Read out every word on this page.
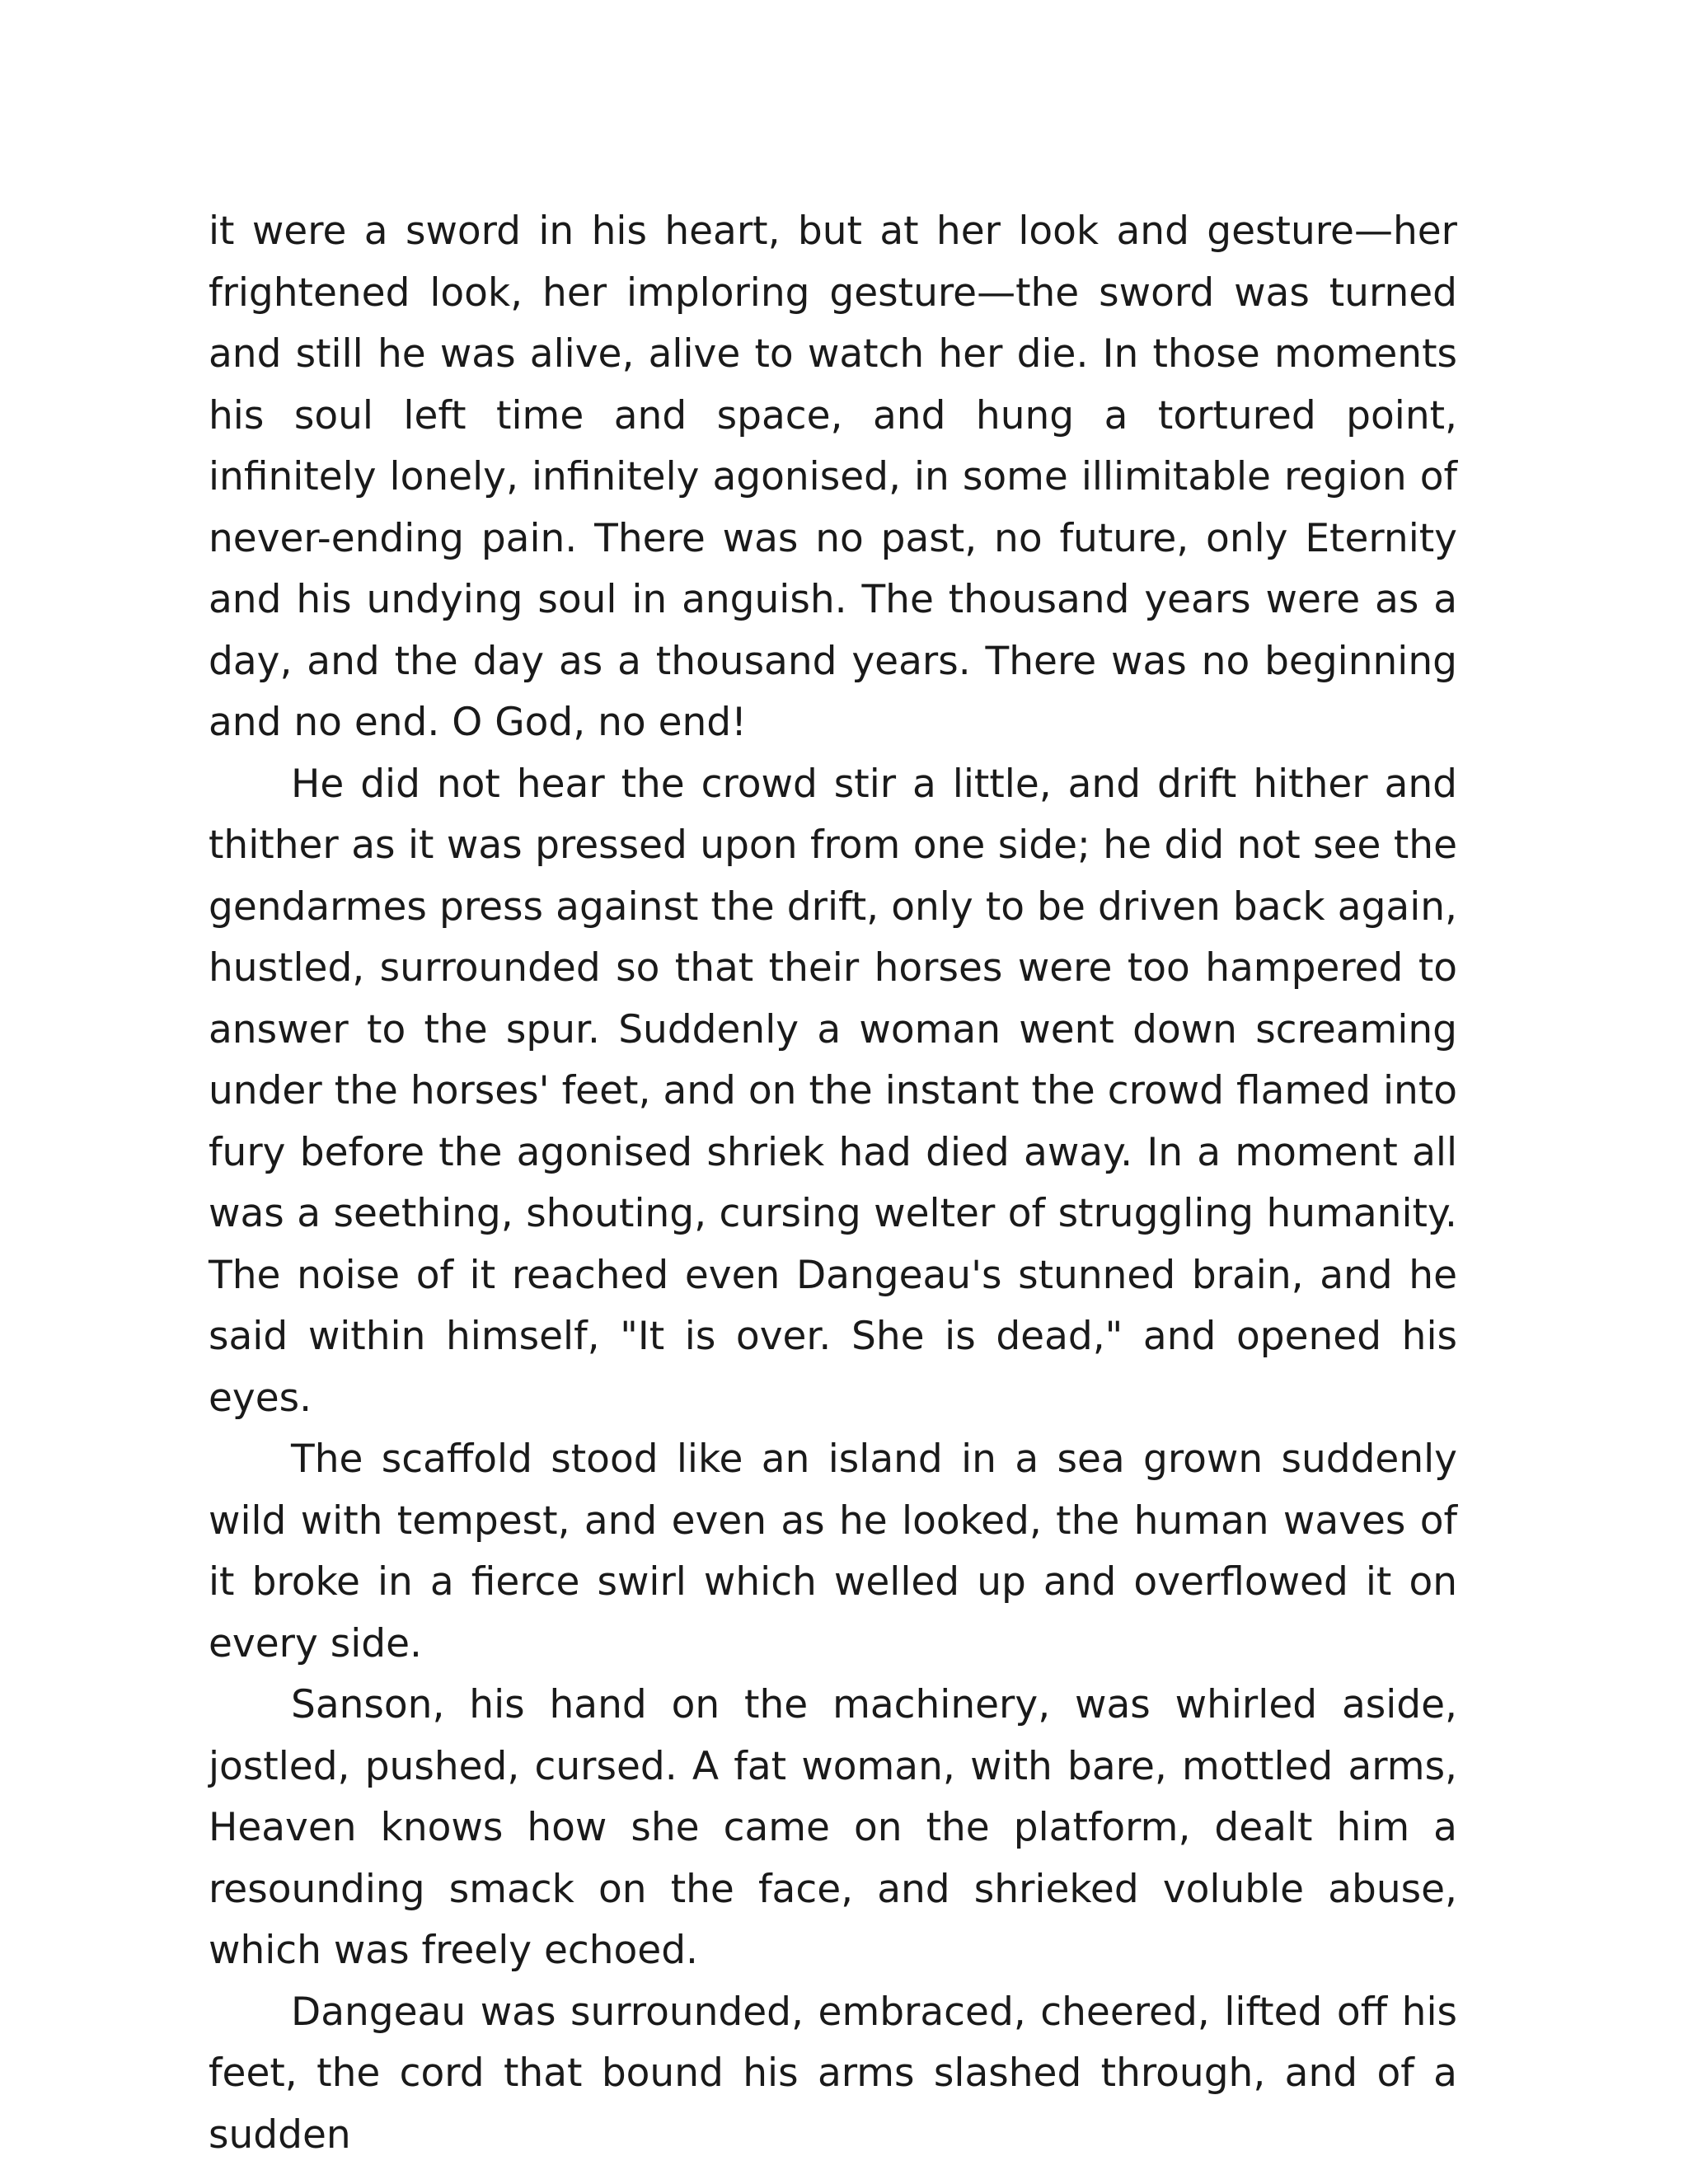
it were a sword in his heart, but at her look and gesture—her frightened look, her imploring gesture—the sword was turned and still he was alive, alive to watch her die. In those moments his soul left time and space, and hung a tortured point, infinitely lonely, infinitely agonised, in some illimitable region of never-ending pain. There was no past, no future, only Eternity and his undying soul in anguish. The thousand years were as a day, and the day as a thousand years. There was no beginning and no end. O God, no end!

He did not hear the crowd stir a little, and drift hither and thither as it was pressed upon from one side; he did not see the gendarmes press against the drift, only to be driven back again, hustled, surrounded so that their horses were too hampered to answer to the spur. Suddenly a woman went down screaming under the horses' feet, and on the instant the crowd flamed into fury before the agonised shriek had died away. In a moment all was a seething, shouting, cursing welter of struggling humanity. The noise of it reached even Dangeau's stunned brain, and he said within himself, "It is over. She is dead," and opened his eyes.

The scaffold stood like an island in a sea grown suddenly wild with tempest, and even as he looked, the human waves of it broke in a fierce swirl which welled up and overflowed it on every side.

Sanson, his hand on the machinery, was whirled aside, jostled, pushed, cursed. A fat woman, with bare, mottled arms, Heaven knows how she came on the platform, dealt him a resounding smack on the face, and shrieked voluble abuse, which was freely echoed.

Dangeau was surrounded, embraced, cheered, lifted off his feet, the cord that bound his arms slashed through, and of a sudden
